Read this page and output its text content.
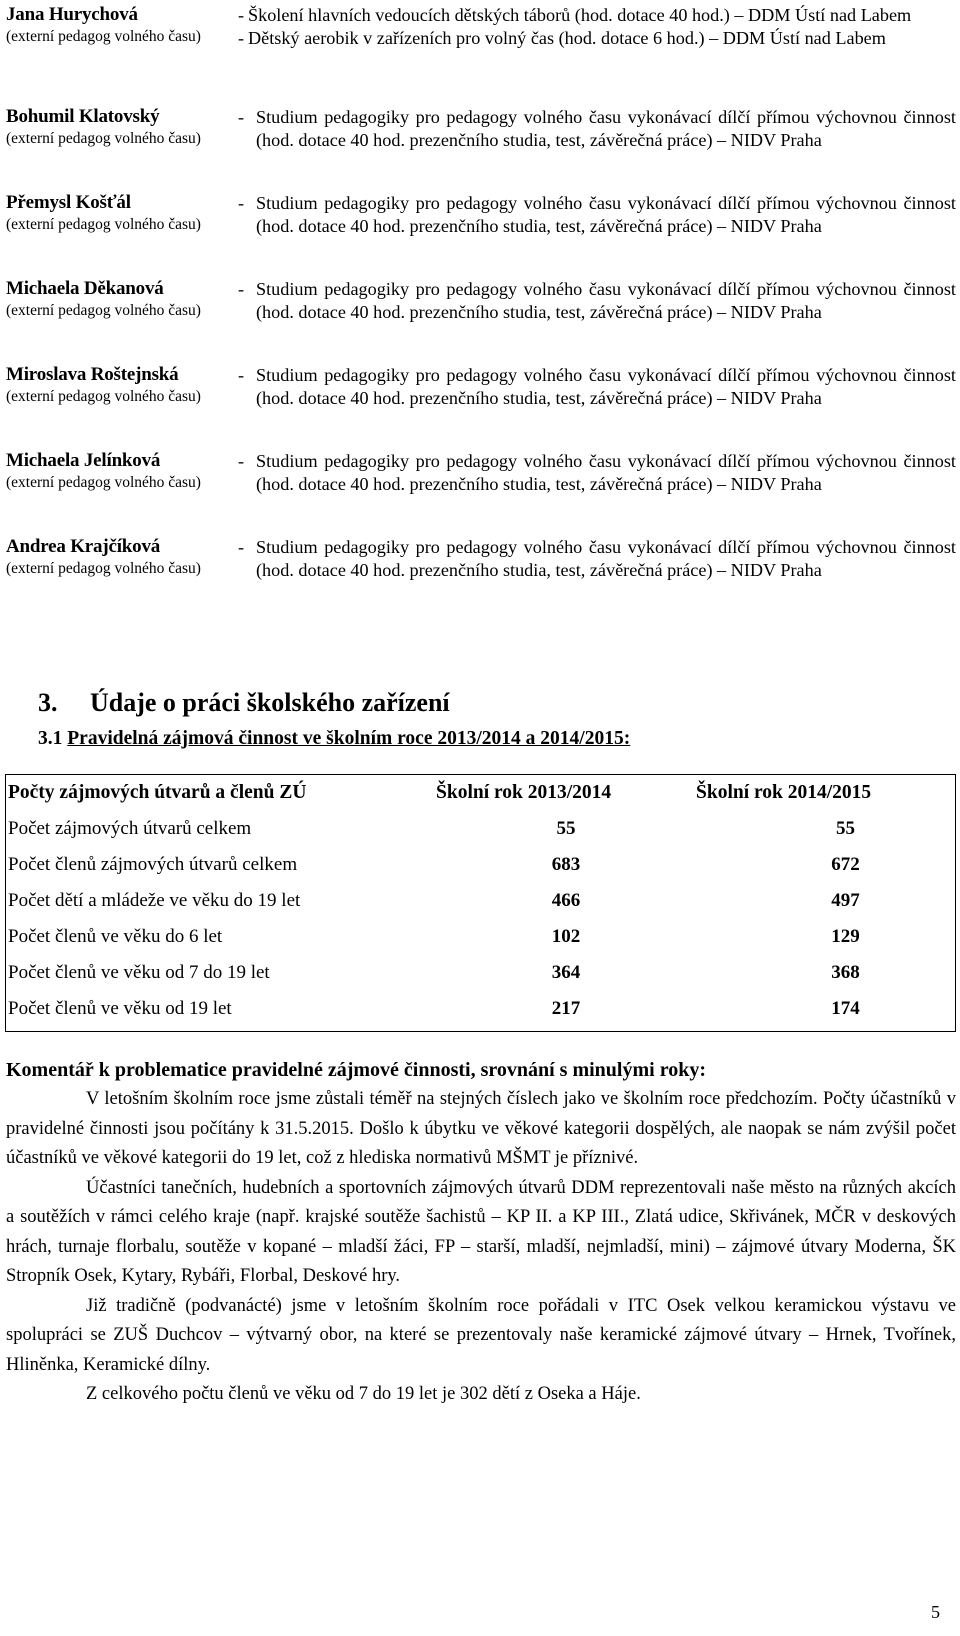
Jana Hurychová
(externí pedagog volného času)
- Školení hlavních vedoucích dětských táborů (hod. dotace 40 hod.) – DDM Ústí nad Labem
- Dětský aerobik v zařízeních pro volný čas (hod. dotace 6 hod.) – DDM Ústí nad Labem
Bohumil Klatovský
(externí pedagog volného času)
- Studium pedagogiky pro pedagogy volného času vykonávací dílčí přímou výchovnou činnost (hod. dotace 40 hod. prezenčního studia, test, závěrečná práce) – NIDV Praha
Přemysl Košťál
(externí pedagog volného času)
- Studium pedagogiky pro pedagogy volného času vykonávací dílčí přímou výchovnou činnost (hod. dotace 40 hod. prezenčního studia, test, závěrečná práce) – NIDV Praha
Michaela Děkanová
(externí pedagog volného času)
- Studium pedagogiky pro pedagogy volného času vykonávací dílčí přímou výchovnou činnost (hod. dotace 40 hod. prezenčního studia, test, závěrečná práce) – NIDV Praha
Miroslava Roštejnská
(externí pedagog volného času)
- Studium pedagogiky pro pedagogy volného času vykonávací dílčí přímou výchovnou činnost (hod. dotace 40 hod. prezenčního studia, test, závěrečná práce) – NIDV Praha
Michaela Jelínková
(externí pedagog volného času)
- Studium pedagogiky pro pedagogy volného času vykonávací dílčí přímou výchovnou činnost (hod. dotace 40 hod. prezenčního studia, test, závěrečná práce) – NIDV Praha
Andrea Krajčíková
(externí pedagog volného času)
- Studium pedagogiky pro pedagogy volného času vykonávací dílčí přímou výchovnou činnost (hod. dotace 40 hod. prezenčního studia, test, závěrečná práce) – NIDV Praha
3. Údaje o práci školského zařízení
3.1 Pravidelná zájmová činnost ve školním roce 2013/2014 a 2014/2015:
Počty zájmových útvarů a členů ZÚ	Školní rok 2013/2014	Školní rok 2014/2015
Počet zájmových útvarů celkem	55	55
Počet členů zájmových útvarů celkem	683	672
Počet dětí a mládeže ve věku do 19 let	466	497
Počet členů ve věku do 6 let	102	129
Počet členů ve věku od 7 do 19 let	364	368
Počet členů ve věku od 19 let	217	174
Komentář k problematice pravidelné zájmové činnosti, srovnání s minulými roky:

V letošním školním roce jsme zůstali téměř na stejných číslech jako ve školním roce předchozím. Počty účastníků v pravidelné činnosti jsou počítány k 31.5.2015. Došlo k úbytku ve věkové kategorii dospělých, ale naopak se nám zvýšil počet účastníků ve věkové kategorii do 19 let, což z hlediska normativů MŠMT je příznivé.

Účastníci tanečních, hudebních a sportovních zájmových útvarů DDM reprezentovali naše město na různých akcích a soutěžích v rámci celého kraje (např. krajské soutěže šachistů – KP II. a KP III., Zlatá udice, Skřivánek, MČR v deskových hrách, turnaje florbalu, soutěže v kopané – mladší žáci, FP – starší, mladší, nejmladší, mini) – zájmové útvary Moderna, ŠK Stropník Osek, Kytary, Rybáři, Florbal, Deskové hry.

Již tradičně (podvanácté) jsme v letošním školním roce pořádali v ITC Osek velkou keramickou výstavu ve spolupráci se ZUŠ Duchcov – výtvarný obor, na které se prezentovaly naše keramické zájmové útvary – Hrnek, Tvořínek, Hliněnka, Keramické dílny.

Z celkového počtu členů ve věku od 7 do 19 let je 302 dětí z Oseka a Háje.

5
